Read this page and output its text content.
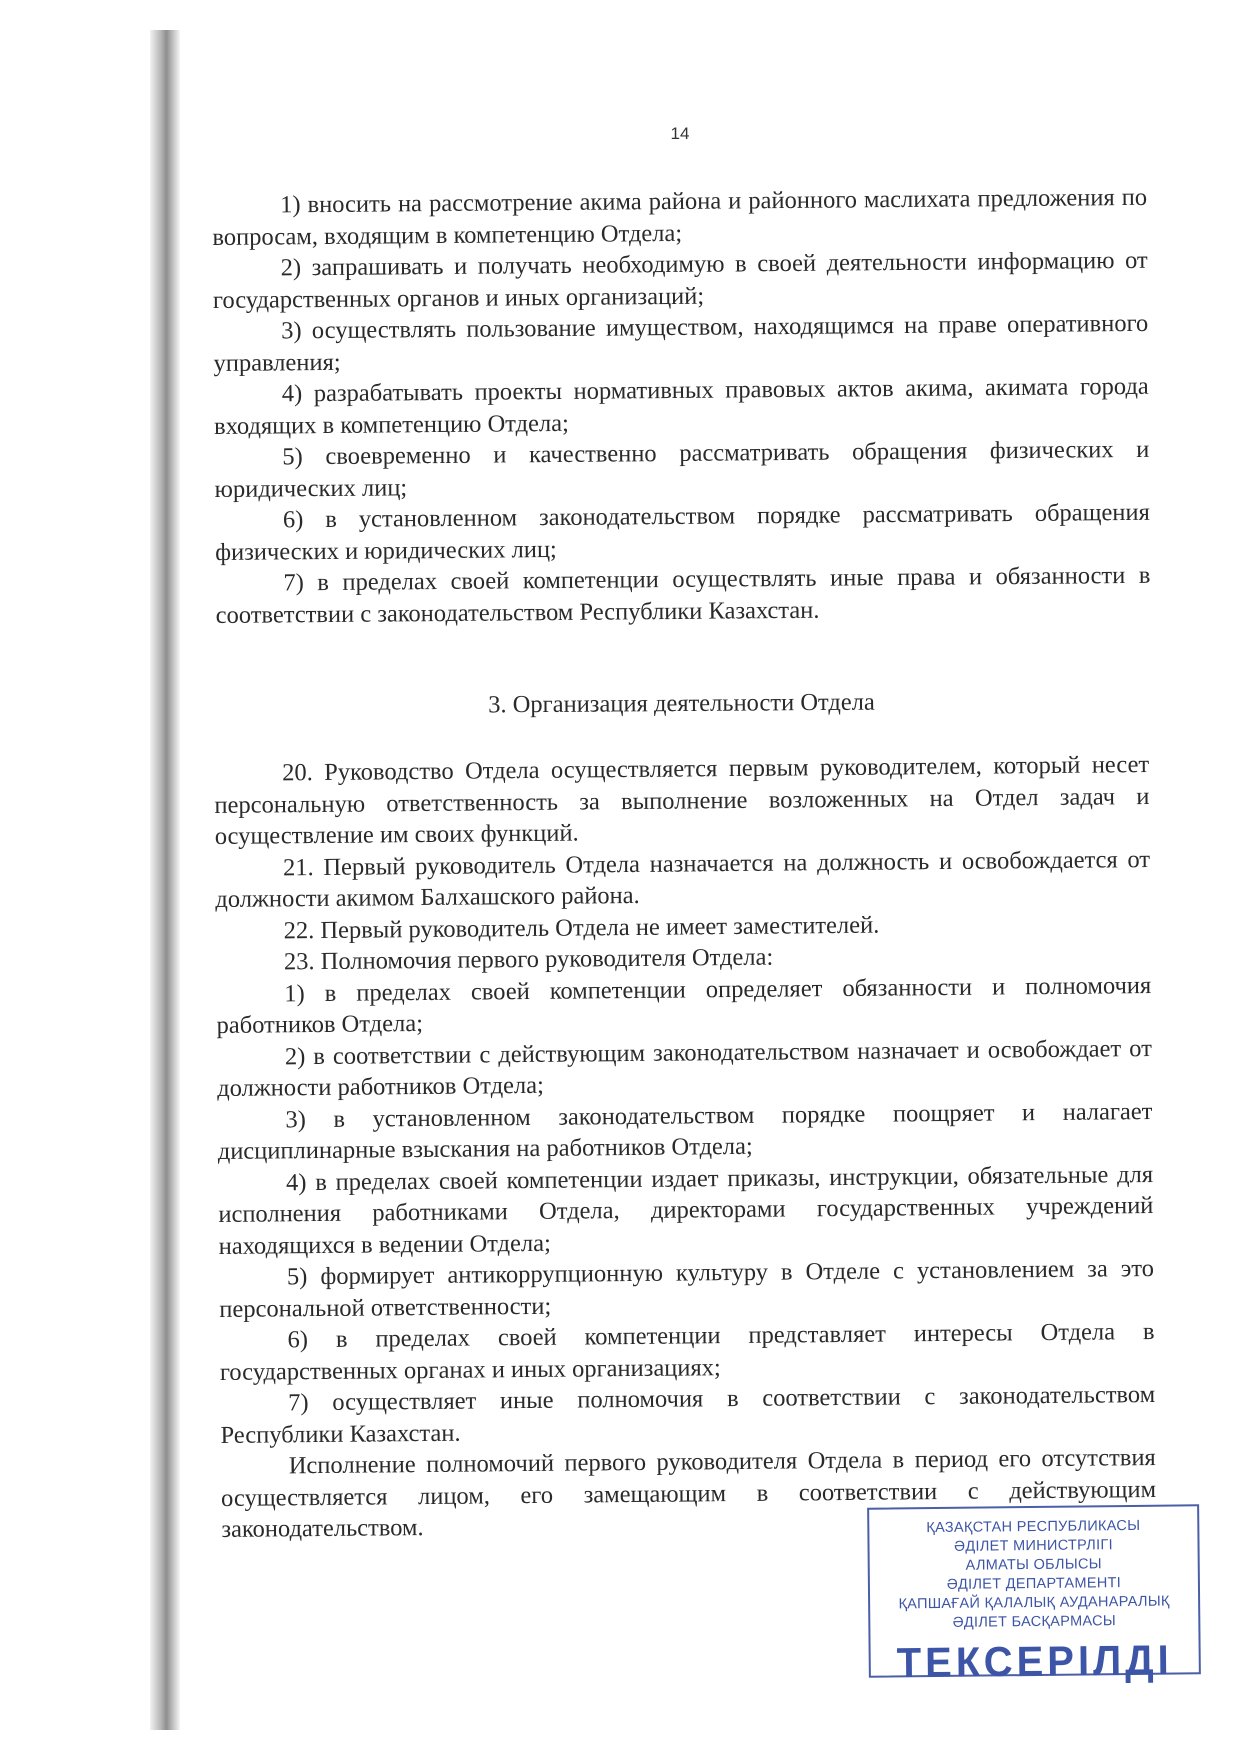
14

1) вносить на рассмотрение акима района и районного маслихата предложения по вопросам, входящим в компетенцию Отдела;

2) запрашивать и получать необходимую в своей деятельности информацию от государственных органов и иных организаций;

3) осуществлять пользование имуществом, находящимся на праве оперативного управления;

4) разрабатывать проекты нормативных правовых актов акима, акимата города входящих в компетенцию Отдела;

5) своевременно и качественно рассматривать обращения физических и юридических лиц;

6) в установленном законодательством порядке рассматривать обращения физических и юридических лиц;

7) в пределах своей компетенции осуществлять иные права и обязанности в соответствии с законодательством Республики Казахстан.

3. Организация деятельности Отдела

20. Руководство Отдела осуществляется первым руководителем, который несет персональную ответственность за выполнение возложенных на Отдел задач и осуществление им своих функций.

21. Первый руководитель Отдела назначается на должность и освобождается от должности акимом Балхашского района.

22. Первый руководитель Отдела не имеет заместителей.

23. Полномочия первого руководителя Отдела:

1) в пределах своей компетенции определяет обязанности и полномочия работников Отдела;

2) в соответствии с действующим законодательством назначает и освобождает от должности работников Отдела;

3) в установленном законодательством порядке поощряет и налагает дисциплинарные взыскания на работников Отдела;

4) в пределах своей компетенции издает приказы, инструкции, обязательные для исполнения работниками Отдела, директорами государственных учреждений находящихся в ведении Отдела;

5) формирует антикоррупционную культуру в Отделе с установлением за это персональной ответственности;

6) в пределах своей компетенции представляет интересы Отдела в государственных органах и иных организациях;

7) осуществляет иные полномочия в соответствии с законодательством Республики Казахстан.

Исполнение полномочий первого руководителя Отдела в период его отсутствия осуществляется лицом, его замещающим в соответствии с действующим законодательством.	ҚАЗАҚСТАН РЕСПУБЛИКАСЫ
ӘДІЛЕТ МИНИСТРЛІГІ
АЛМАТЫ ОБЛЫСЫ
ӘДІЛЕТ ДЕПАРТАМЕНТІ
ҚАПШАҒАЙ ҚАЛАЛЫҚ АУДАНАРАЛЫҚ
ӘДІЛЕТ БАСҚАРМАСЫ
ТЕКСЕРІЛДІ
